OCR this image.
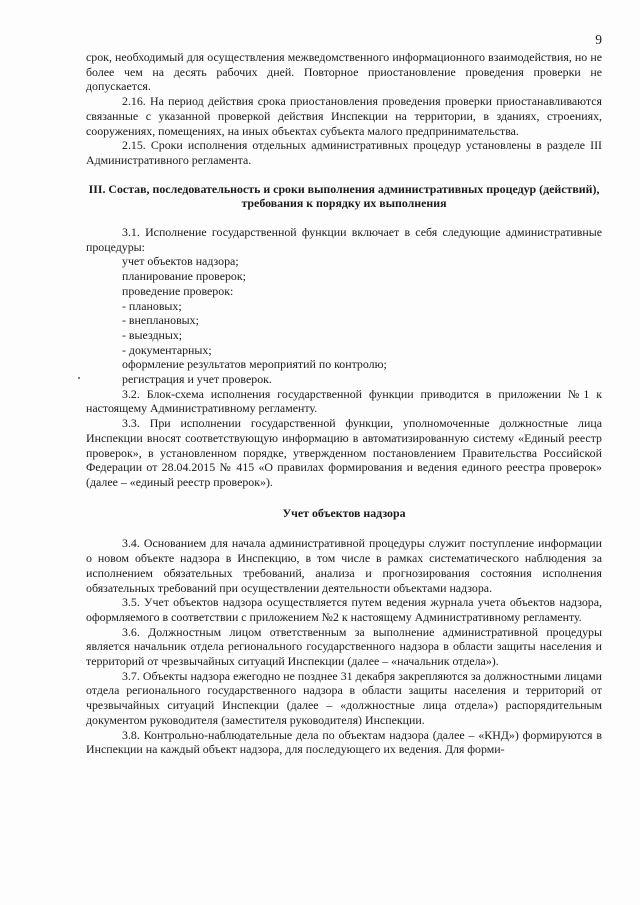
9

срок, необходимый для осуществления межведомственного информационного взаимодействия, но не более чем на десять рабочих дней. Повторное приостановление проведения проверки не допускается.

2.16. На период действия срока приостановления проведения проверки приостанавливаются связанные с указанной проверкой действия Инспекции на территории, в зданиях, строениях, сооружениях, помещениях, на иных объектах субъекта малого предпринимательства.

2.15. Сроки исполнения отдельных административных процедур установлены в разделе III Административного регламента.

III. Состав, последовательность и сроки выполнения административных процедур (действий), требования к порядку их выполнения

3.1. Исполнение государственной функции включает в себя следующие административные процедуры:

учет объектов надзора;
планирование проверок;
проведение проверок:
- плановых;
- внеплановых;
- выездных;
- документарных;
оформление результатов мероприятий по контролю;
регистрация и учет проверок.

3.2. Блок-схема исполнения государственной функции приводится в приложении №1 к настоящему Административному регламенту.

3.3. При исполнении государственной функции, уполномоченные должностные лица Инспекции вносят соответствующую информацию в автоматизированную систему «Единый реестр проверок», в установленном порядке, утвержденном постановлением Правительства Российской Федерации от 28.04.2015 № 415 «О правилах формирования и ведения единого реестра проверок» (далее – «единый реестр проверок»).

Учет объектов надзора

3.4. Основанием для начала административной процедуры служит поступление информации о новом объекте надзора в Инспекцию, в том числе в рамках систематического наблюдения за исполнением обязательных требований, анализа и прогнозирования состояния исполнения обязательных требований при осуществлении деятельности объектами надзора.

3.5. Учет объектов надзора осуществляется путем ведения журнала учета объектов надзора, оформляемого в соответствии с приложением №2 к настоящему Административному регламенту.

3.6. Должностным лицом ответственным за выполнение административной процедуры является начальник отдела регионального государственного надзора в области защиты населения и территорий от чрезвычайных ситуаций Инспекции (далее – «начальник отдела»).

3.7. Объекты надзора ежегодно не позднее 31 декабря закрепляются за должностными лицами отдела регионального государственного надзора в области защиты населения и территорий от чрезвычайных ситуаций Инспекции (далее – «должностные лица отдела») распорядительным документом руководителя (заместителя руководителя) Инспекции.

3.8. Контрольно-наблюдательные дела по объектам надзора (далее – «КНД») формируются в Инспекции на каждый объект надзора, для последующего их ведения. Для форми-
